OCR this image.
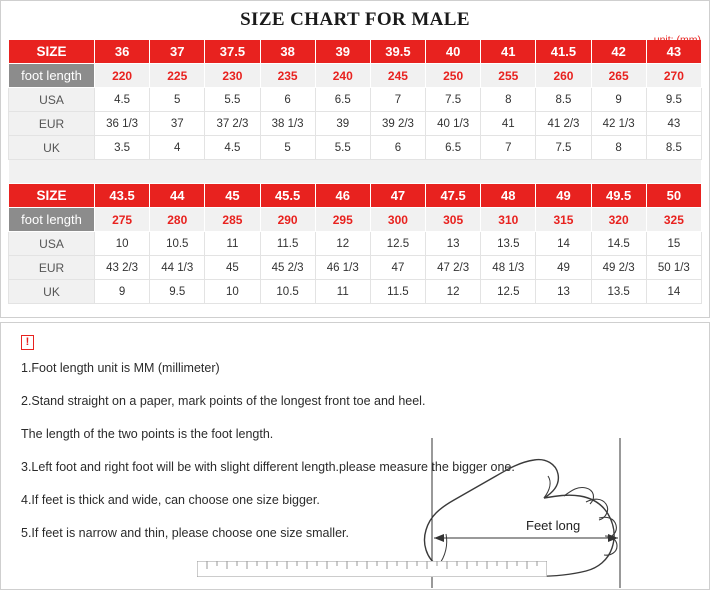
SIZE CHART FOR MALE
unit: (mm)
SIZE	36	37	37.5	38	39	39.5	40	41	41.5	42	43
foot length	220	225	230	235	240	245	250	255	260	265	270
USA	4.5	5	5.5	6	6.5	7	7.5	8	8.5	9	9.5
EUR	36 1/3	37	37 2/3	38 1/3	39	39 2/3	40 1/3	41	41 2/3	42 1/3	43
UK	3.5	4	4.5	5	5.5	6	6.5	7	7.5	8	8.5

SIZE	43.5	44	45	45.5	46	47	47.5	48	49	49.5	50
foot length	275	280	285	290	295	300	305	310	315	320	325
USA	10	10.5	11	11.5	12	12.5	13	13.5	14	14.5	15
EUR	43 2/3	44 1/3	45	45 2/3	46 1/3	47	47 2/3	48 1/3	49	49 2/3	50 1/3
UK	9	9.5	10	10.5	11	11.5	12	12.5	13	13.5	14
!

1.Foot length unit is MM (millimeter)

2.Stand straight on a paper, mark points of the longest front toe and heel.

The length of the two points is the foot length.

3.Left foot and right foot will be with slight different length.please measure the bigger one.

4.If feet is thick and wide, can choose one size bigger.

5.If feet is narrow and thin, please choose one size smaller.	Feet long
